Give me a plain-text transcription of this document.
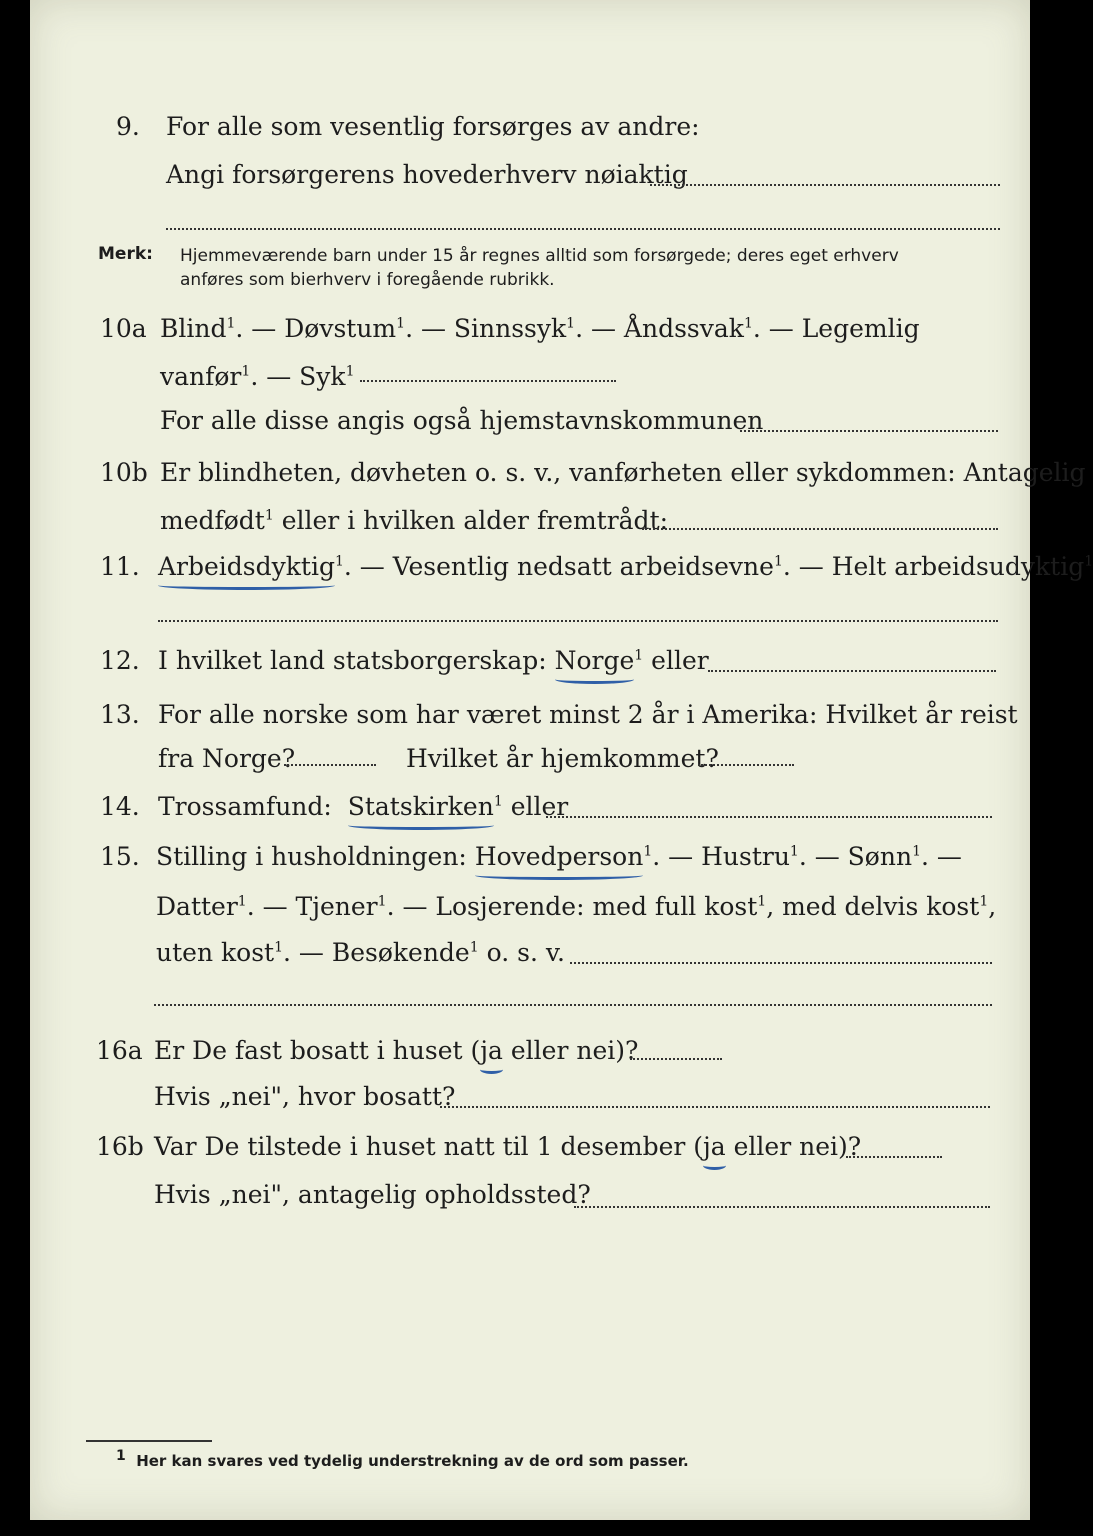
9. For alle som vesentlig forsørges av andre:
Angi forsørgerens hovederhverv nøiaktig
Merk: Hjemmeværende barn under 15 år regnes alltid som forsørgede; deres eget erhverv
anføres som bierhverv i foregående rubrikk.
10a Blind$^1$. — Døvstum$^1$. — Sinnssyk$^1$. — Åndssvak$^1$. — Legemlig
vanfør$^1$. — Syk$^1$
For alle disse angis også hjemstavnskommunen
10b Er blindheten, døvheten o. s. v., vanførheten eller sykdommen: Antagelig
medfødt$^1$ eller i hvilken alder fremtrådt:
11. Arbeidsdyktig$^1$. — Vesentlig nedsatt arbeidsevne$^1$. — Helt arbeidsudyktig$^1$
12. I hvilket land statsborgerskap: Norge$^1$ eller
13. For alle norske som har været minst 2 år i Amerika: Hvilket år reist
fra Norge?	Hvilket år hjemkommet?
14. Trossamfund: Statskirken$^1$ eller
15. Stilling i husholdningen: Hovedperson$^1$. — Hustru$^1$. — Sønn$^1$. —
Datter$^1$. — Tjener$^1$. — Losjerende: med full kost$^1$, med delvis kost$^1$,
uten kost$^1$. — Besøkende$^1$ o. s. v.
16a Er De fast bosatt i huset (ja eller nei)?
Hvis „nei", hvor bosatt?
16b Var De tilstede i huset natt til 1 desember (ja eller nei)?
Hvis „nei", antagelig opholdssted?
1 Her kan svares ved tydelig understrekning av de ord som passer.
